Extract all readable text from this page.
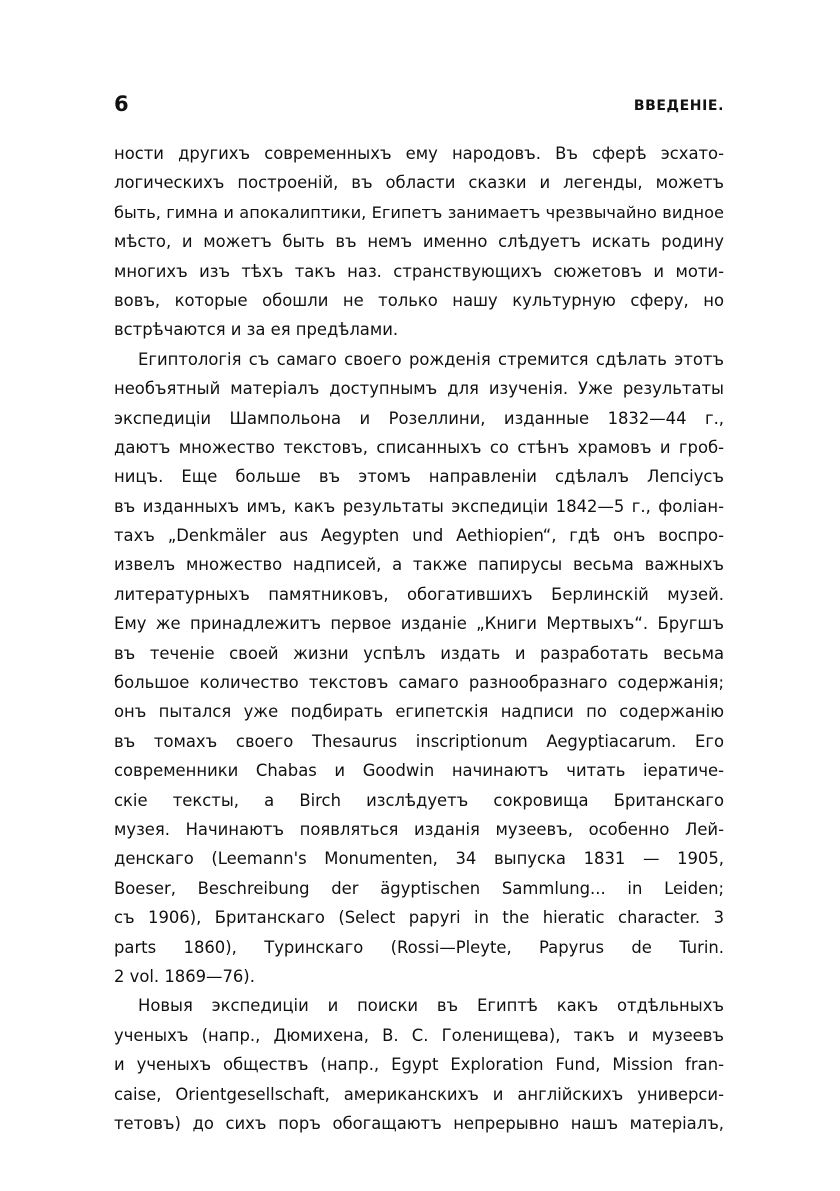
6	ВВЕДЕНІЕ.
ности другихъ современныхъ ему народовъ. Въ сферѣ эсхато-
логическихъ построеній, въ области сказки и легенды, можетъ
быть, гимна и апокалиптики, Египетъ занимаетъ чрезвычайно видное
мѣсто, и можетъ быть въ немъ именно слѣдуетъ искать родину
многихъ изъ тѣхъ такъ наз. странствующихъ сюжетовъ и моти-
вовъ, которые обошли не только нашу культурную сферу, но
встрѣчаются и за ея предѣлами.
Египтологія съ самаго своего рожденія стремится сдѣлать этотъ
необъятный матеріалъ доступнымъ для изученія. Уже результаты
экспедиціи Шампольона и Розеллини, изданные 1832—44 г.,
даютъ множество текстовъ, списанныхъ со стѣнъ храмовъ и гроб-
ницъ. Еще больше въ этомъ направленіи сдѣлалъ Лепсіусъ
въ изданныхъ имъ, какъ результаты экспедиціи 1842—5 г., фоліан-
тахъ „Denkmäler aus Aegypten und Aethiopien“, гдѣ онъ воспро-
извелъ множество надписей, а также папирусы весьма важныхъ
литературныхъ памятниковъ, обогатившихъ Берлинскій музей.
Ему же принадлежитъ первое изданіе „Книги Мертвыхъ“. Бругшъ
въ теченіе своей жизни успѣлъ издать и разработать весьма
большое количество текстовъ самаго разнообразнаго содержанія;
онъ пытался уже подбирать египетскія надписи по содержанію
въ томахъ своего Thesaurus inscriptionum Aegyptiacarum. Его
современники Chabas и Goodwin начинаютъ читать іератиче-
скіе тексты, а Birch изслѣдуетъ сокровища Британскаго
музея. Начинаютъ появляться изданія музеевъ, особенно Лей-
денскаго (Leemann's Monumenten, 34 выпуска 1831 — 1905,
Boeser, Beschreibung der ägyptischen Sammlung... in Leiden;
съ 1906), Британскаго (Select papyri in the hieratic character. 3
parts 1860), Туринскаго (Rossi—Pleyte, Papyrus de Turin.
2 vol. 1869—76).
Новыя экспедиціи и поиски въ Египтѣ какъ отдѣльныхъ
ученыхъ (напр., Дюмихена, В. С. Голенищева), такъ и музеевъ
и ученыхъ обществъ (напр., Egypt Exploration Fund, Mission fran-
caise, Orientgesellschaft, американскихъ и англійскихъ универси-
тетовъ) до сихъ поръ обогащаютъ непрерывно нашъ матеріалъ,
